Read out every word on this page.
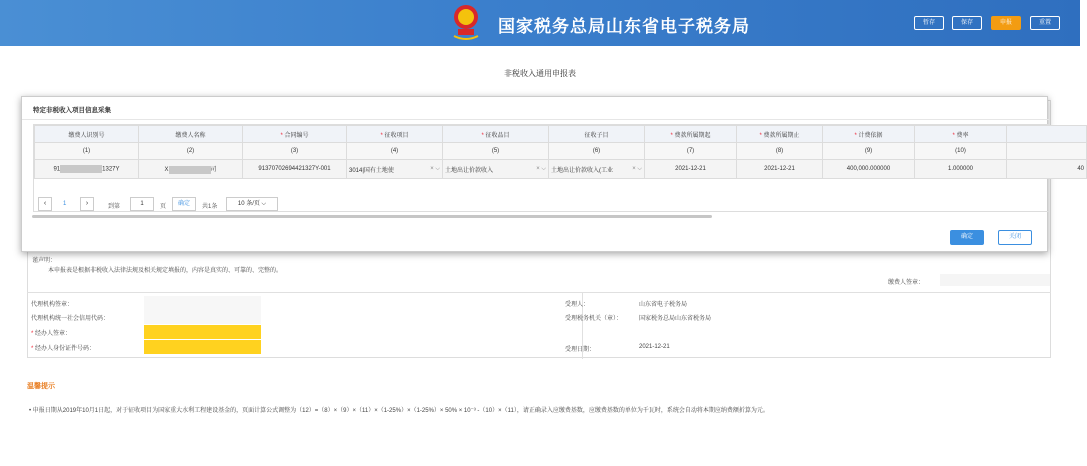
国家税务总局山东省电子税务局	暂存	保存	申报	重置
非税收入通用申报表
谨声明：
本申报表是根据非税收入法律法规及相关规定填报的，内容是真实的、可靠的、完整的。
缴费人签章：
代理机构签章：
代理机构统一社会信用代码：
* 经办人签章：
* 经办人身份证件号码：
受理人：	山东省电子税务局
受理税务机关（章）：	国家税务总局山东省税务局
受理日期：	2021-12-21
温馨提示
• 申报日期从2019年10月1日起，对于征收项目为国家重大水利工程建设基金的，页面计算公式调整为（12）=（8）×（9）×（11）×（1-25%）×（1-25%）× 50% × 10⁻³ -（10）×（11），请正确录入应缴费基数，应缴费基数的单位为千瓦时，系统会自动将本期应纳费额折算为元。
特定非税收入项目信息采集
缴费人识别号	缴费人名称	* 合同编号	* 征收项目	* 征收品目	征收子目	* 费款所属期起	* 费款所属期止	* 计费依据	* 费率	
(1)	(2)	(3)	(4)	(5)	(6)	(7)	(8)	(9)	(10)	
91 1327Y	X 司	91370702694421327Y-001	3014|国有土地使 × ⌵	土地出让价款收入 × ⌵	土地出让价款收入(工业 × ⌵	2021-12-21	2021-12-21	400,000.000000	1.000000	40
‹	1	›	到第	1	页	确定	共1条	10 条/页 ⌵
确定	关闭
